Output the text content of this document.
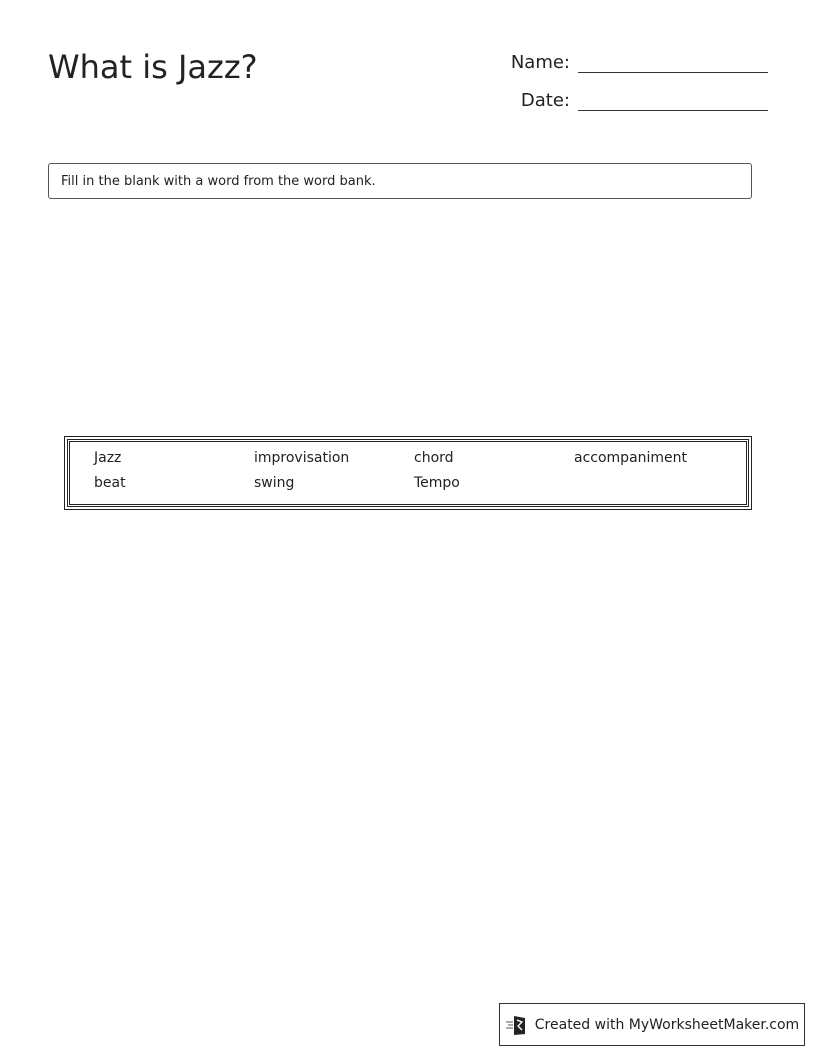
What is Jazz?	Name:
Date:
Fill in the blank with a word from the word bank.
Jazz	improvisation	chord	accompaniment
beat	swing	Tempo
Created with MyWorksheetMaker.com
